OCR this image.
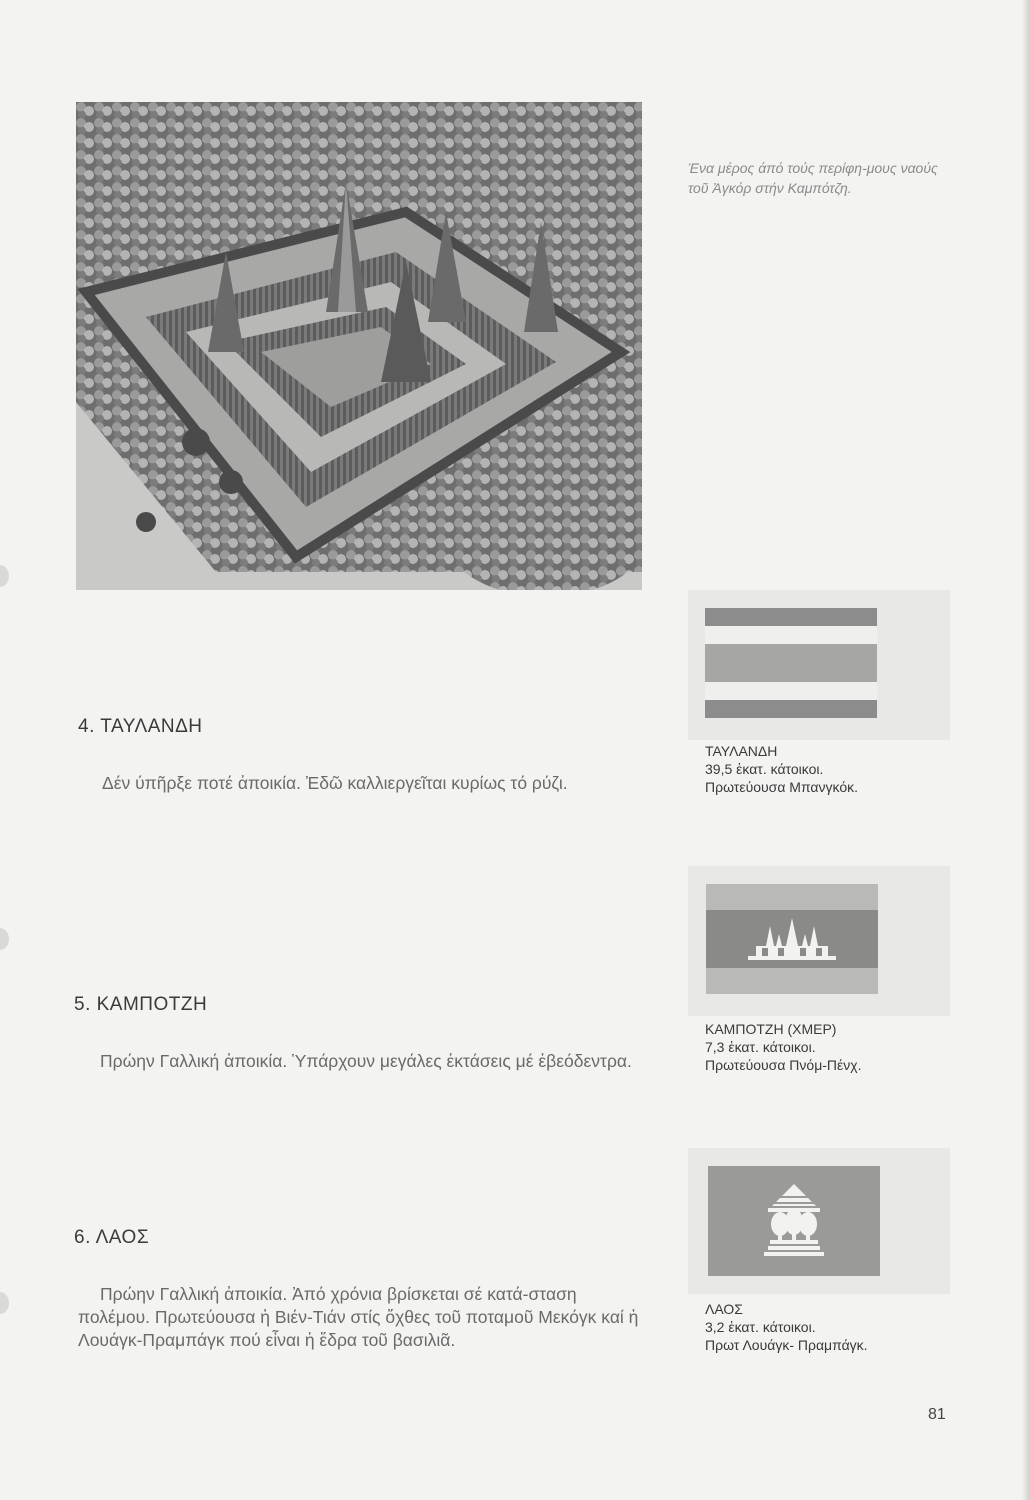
Ένα μέρος άπό τούς περίφη-μους ναούς τοῦ Ἀγκόρ στήν Καμπότζη.
4. ΤΑΥΛΑΝΔΗ
Δέν ύπῆρξε ποτέ ἀποικία. Ἐδῶ καλλιεργεῖται κυρίως τό ρύζι.
5. ΚΑΜΠΟΤΖΗ
Πρώην Γαλλική ἀποικία. Ὑπάρχουν μεγάλες ἐκτάσεις μέ ἐβεόδεντρα.
6. ΛΑΟΣ
Πρώην Γαλλική ἀποικία. Ἀπό χρόνια βρίσκεται σέ κατά-σταση πολέμου. Πρωτεύουσα ἡ Βιέν-Τιάν στίς ὄχθες τοῦ ποταμοῦ Μεκόγκ καί ἡ Λουάγκ-Πραμπάγκ πού εἶναι ἡ ἕδρα τοῦ βασιλιᾶ.
ΤΑΥΛΑΝΔΗ
39,5 ἑκατ. κάτοικοι.
Πρωτεύουσα Μπανγκόκ.
ΚΑΜΠΟΤΖΗ (ΧΜΕΡ)
7,3 ἑκατ. κάτοικοι.
Πρωτεύουσα Πνόμ-Πένχ.
ΛΑΟΣ
3,2 ἑκατ. κάτοικοι.
Πρωτ Λουάγκ- Πραμπάγκ.
81
